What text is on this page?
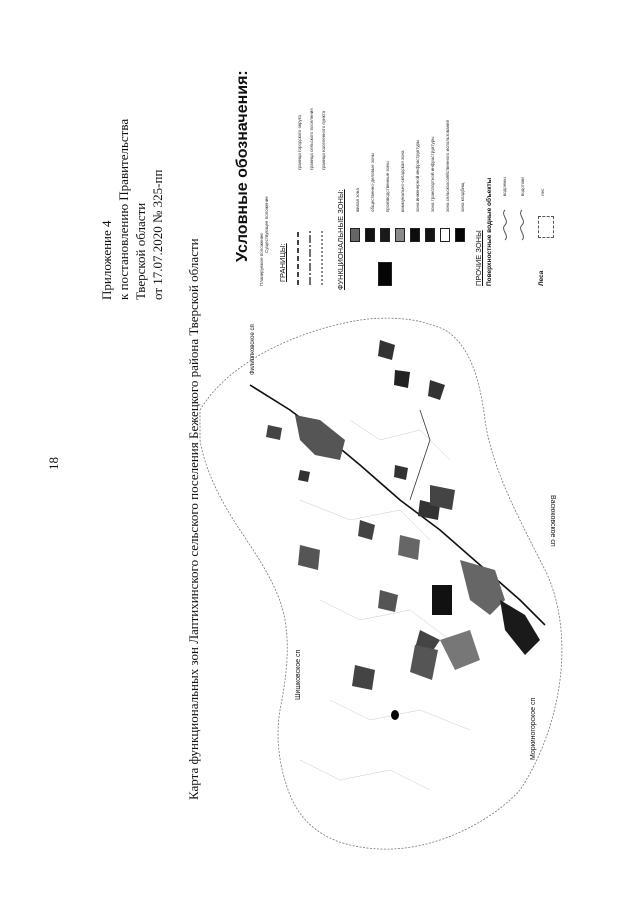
18
Приложение 4 к постановлению Правительства Тверской области от 17.07.2020 № 325-пп
Карта функциональных зон Лаптихинского сельского поселения Бежецкого района Тверской области	Филиппковское сп
Васюковское сп
Шишковское сп
Моркиногорское сп
Условные обозначения: Планируемое положение
Существующее положение
ГРАНИЦЫ:
граница городского округа граница сельского поселения граница населенного пункта
ФУНКЦИОНАЛЬНЫЕ ЗОНЫ: жилая зона общественно-деловые зоны производственные зоны коммунально-складская зона зона инженерной инфраструктуры зона транспортной инфраструктуры зона сельскохозяйственного использования зона кладбищ
ПРОЧИЕ ЗОНЫ Поверхностные водные объекты водоемы	водотоки
Леса
лес
